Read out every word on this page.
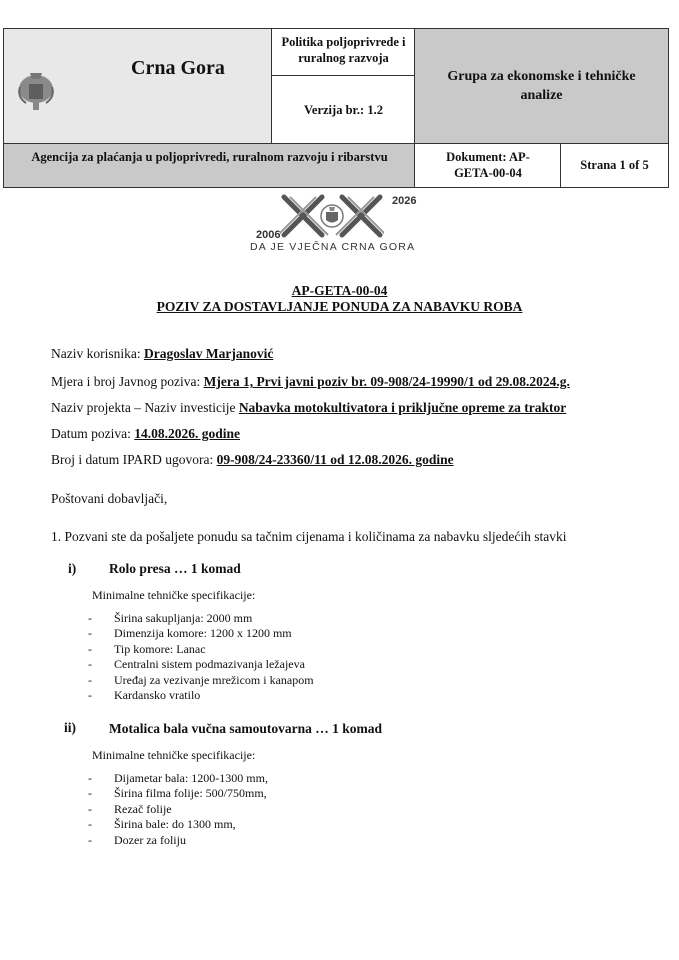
Crna Gora
Politika poljoprivrede i ruralnog razvoja
Verzija br.: 1.2
Grupa za ekonomske i tehničke analize
Agencija za plaćanja u poljoprivredi, ruralnom razvoju i ribarstvu	Dokument: AP-GETA-00-04
Strana 1 of 5
2006
2026
DA JE VJEČNA CRNA GORA
AP-GETA-00-04
POZIV ZA DOSTAVLJANJE PONUDA ZA NABAVKU ROBA
Naziv korisnika: Dragoslav Marjanović
Mjera i broj Javnog poziva: Mjera 1, Prvi javni poziv br. 09-908/24-19990/1 od 29.08.2024.g.
Naziv projekta – Naziv investicije Nabavka motokultivatora i priključne opreme za traktor
Datum poziva: 14.08.2026. godine
Broj i datum IPARD ugovora: 09-908/24-23360/11 od 12.08.2026. godine
Poštovani dobavljači,
1. Pozvani ste da pošaljete ponudu sa tačnim cijenama i količinama za nabavku sljedećih stavki
i) Rolo presa … 1 komad
Minimalne tehničke specifikacije:
- Širina sakupljanja: 2000 mm
- Dimenzija komore: 1200 x 1200 mm
- Tip komore: Lanac
- Centralni sistem podmazivanja ležajeva
- Uređaj za vezivanje mrežicom i kanapom
- Kardansko vratilo
ii) Motalica bala vučna samoutovarna … 1 komad
Minimalne tehničke specifikacije:
- Dijametar bala: 1200-1300 mm,
- Širina filma folije: 500/750mm,
- Rezač folije
- Širina bale: do 1300 mm,
- Dozer za foliju
